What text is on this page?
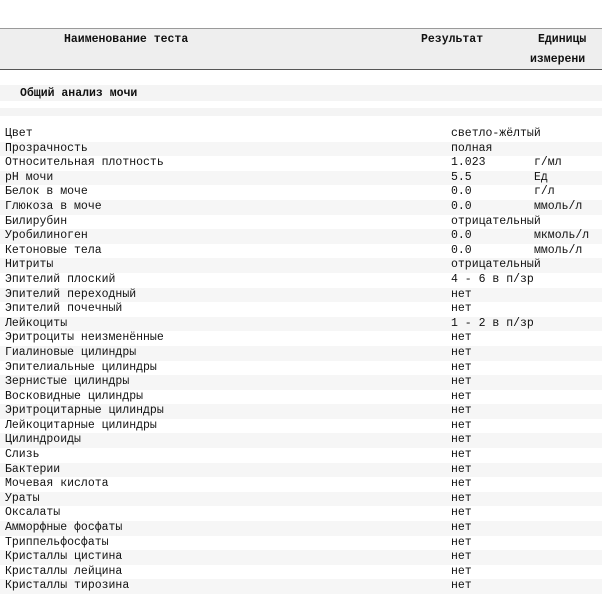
Наименование теста	Результат	Единицы
измерени
Общий анализ мочи
Цвет	светло-жёлтый
Прозрачность	полная
Относительная плотность	1.023	г/мл
pH мочи	5.5	Ед
Белок в моче	0.0	г/л
Глюкоза в моче	0.0	ммоль/л
Билирубин	отрицательный
Уробилиноген	0.0	мкмоль/л
Кетоновые тела	0.0	ммоль/л
Нитриты	отрицательный
Эпителий плоский	4 - 6 в п/зр
Эпителий переходный	нет
Эпителий почечный	нет
Лейкоциты	1 - 2 в п/зр
Эритроциты неизменённые	нет
Гиалиновые цилиндры	нет
Эпителиальные цилиндры	нет
Зернистые цилиндры	нет
Восковидные цилиндры	нет
Эритроцитарные цилиндры	нет
Лейкоцитарные цилиндры	нет
Цилиндроиды	нет
Слизь	нет
Бактерии	нет
Мочевая кислота	нет
Ураты	нет
Оксалаты	нет
Амморфные фосфаты	нет
Триппельфосфаты	нет
Кристаллы цистина	нет
Кристаллы лейцина	нет
Кристаллы тирозина	нет
